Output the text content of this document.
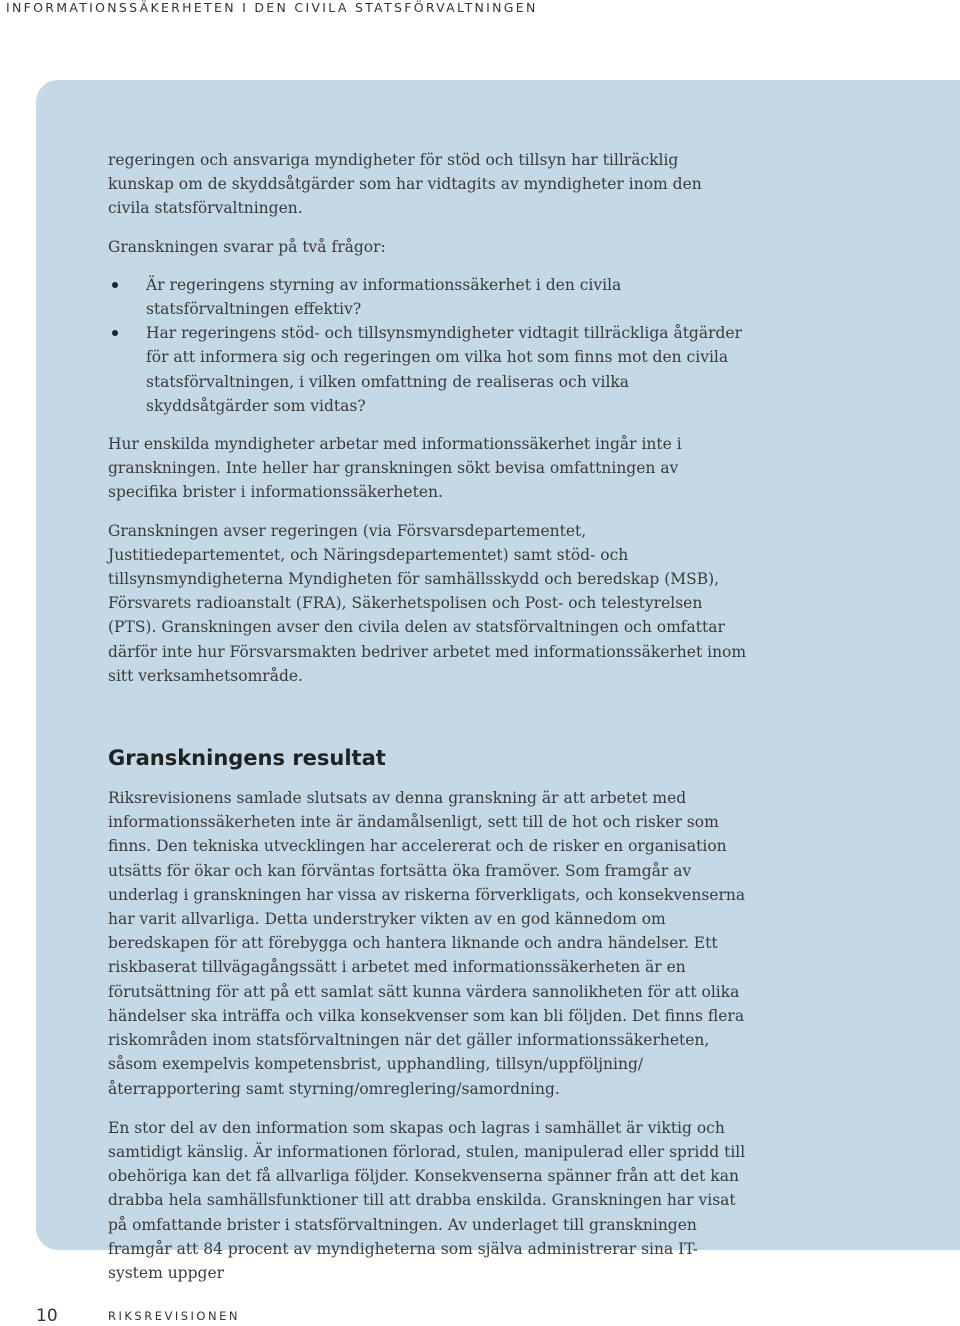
INFORMATIONSSÄKERHETEN I DEN CIVILA STATSFÖRVALTNINGEN

regeringen och ansvariga myndigheter för stöd och tillsyn har tillräcklig kunskap om de skyddsåtgärder som har vidtagits av myndigheter inom den civila statsförvaltningen.

Granskningen svarar på två frågor:

Är regeringens styrning av informationssäkerhet i den civila statsförvaltningen effektiv?
Har regeringens stöd- och tillsynsmyndigheter vidtagit tillräckliga åtgärder för att informera sig och regeringen om vilka hot som finns mot den civila statsförvaltningen, i vilken omfattning de realiseras och vilka skyddsåtgärder som vidtas?

Hur enskilda myndigheter arbetar med informationssäkerhet ingår inte i granskningen. Inte heller har granskningen sökt bevisa omfattningen av specifika brister i informationssäkerheten.

Granskningen avser regeringen (via Försvarsdepartementet, Justitiedepartementet, och Näringsdepartementet) samt stöd- och tillsynsmyndigheterna Myndigheten för samhällsskydd och beredskap (MSB), Försvarets radioanstalt (FRA), Säkerhetspolisen och Post- och telestyrelsen (PTS). Granskningen avser den civila delen av statsförvaltningen och omfattar därför inte hur Försvarsmakten bedriver arbetet med informationssäkerhet inom sitt verksamhetsområde.

Granskningens resultat

Riksrevisionens samlade slutsats av denna granskning är att arbetet med informationssäkerheten inte är ändamålsenligt, sett till de hot och risker som finns. Den tekniska utvecklingen har accelererat och de risker en organisation utsätts för ökar och kan förväntas fortsätta öka framöver. Som framgår av underlag i granskningen har vissa av riskerna förverkligats, och konsekvenserna har varit allvarliga. Detta understryker vikten av en god kännedom om beredskapen för att förebygga och hantera liknande och andra händelser. Ett riskbaserat tillvägagångssätt i arbetet med informationssäkerheten är en förutsättning för att på ett samlat sätt kunna värdera sannolikheten för att olika händelser ska inträffa och vilka konsekvenser som kan bli följden. Det finns flera riskområden inom statsförvaltningen när det gäller informationssäkerheten, såsom exempelvis kompetensbrist, upphandling, tillsyn/uppföljning/återrapportering samt styrning/omreglering/samordning.

En stor del av den information som skapas och lagras i samhället är viktig och samtidigt känslig. Är informationen förlorad, stulen, manipulerad eller spridd till obehöriga kan det få allvarliga följder. Konsekvenserna spänner från att det kan drabba hela samhällsfunktioner till att drabba enskilda. Granskningen har visat på omfattande brister i statsförvaltningen. Av underlaget till granskningen framgår att 84 procent av myndigheterna som själva administrerar sina IT-system uppger

10	RIKSREVISIONEN
